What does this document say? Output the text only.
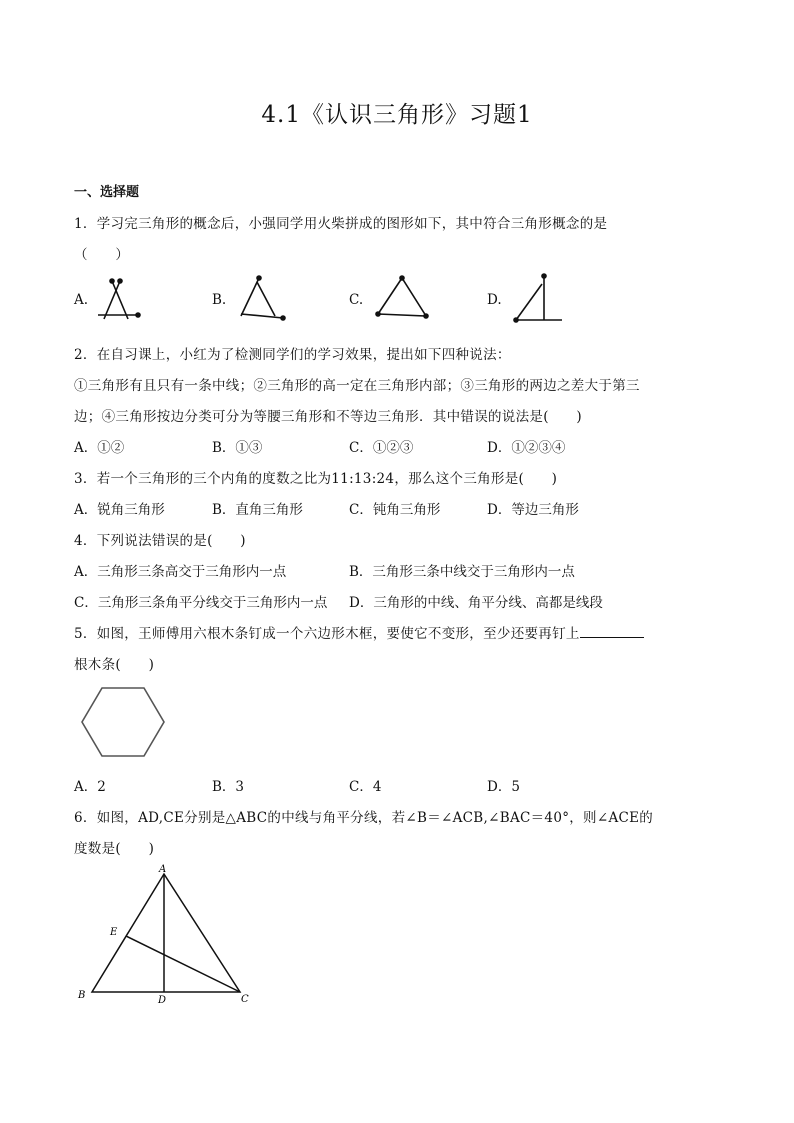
4.1《认识三角形》习题1
一、选择题
1．学习完三角形的概念后，小强同学用火柴拼成的图形如下，其中符合三角形概念的是
（　　）
A.	B.	C.	D.
2．在自习课上，小红为了检测同学们的学习效果，提出如下四种说法：
①三角形有且只有一条中线；②三角形的高一定在三角形内部；③三角形的两边之差大于第三
边；④三角形按边分类可分为等腰三角形和不等边三角形．其中错误的说法是(　　)
A．①②	B．①③	C．①②③	D．①②③④
3．若一个三角形的三个内角的度数之比为11:13:24，那么这个三角形是(　　)
A．锐角三角形	B．直角三角形	C．钝角三角形	D．等边三角形
4．下列说法错误的是(　　)
A．三角形三条高交于三角形内一点	B．三角形三条中线交于三角形内一点
C．三角形三条角平分线交于三角形内一点 D．三角形的中线、角平分线、高都是线段
5．如图，王师傅用六根木条钉成一个六边形木框，要使它不变形，至少还要再钉上
根木条(　　)
A．2	B．3	C．4	D．5
6．如图，AD,CE分别是△ABC的中线与角平分线，若∠B＝∠ACB,∠BAC＝40°，则∠ACE的
度数是(　　)
A
B	C
D
E
